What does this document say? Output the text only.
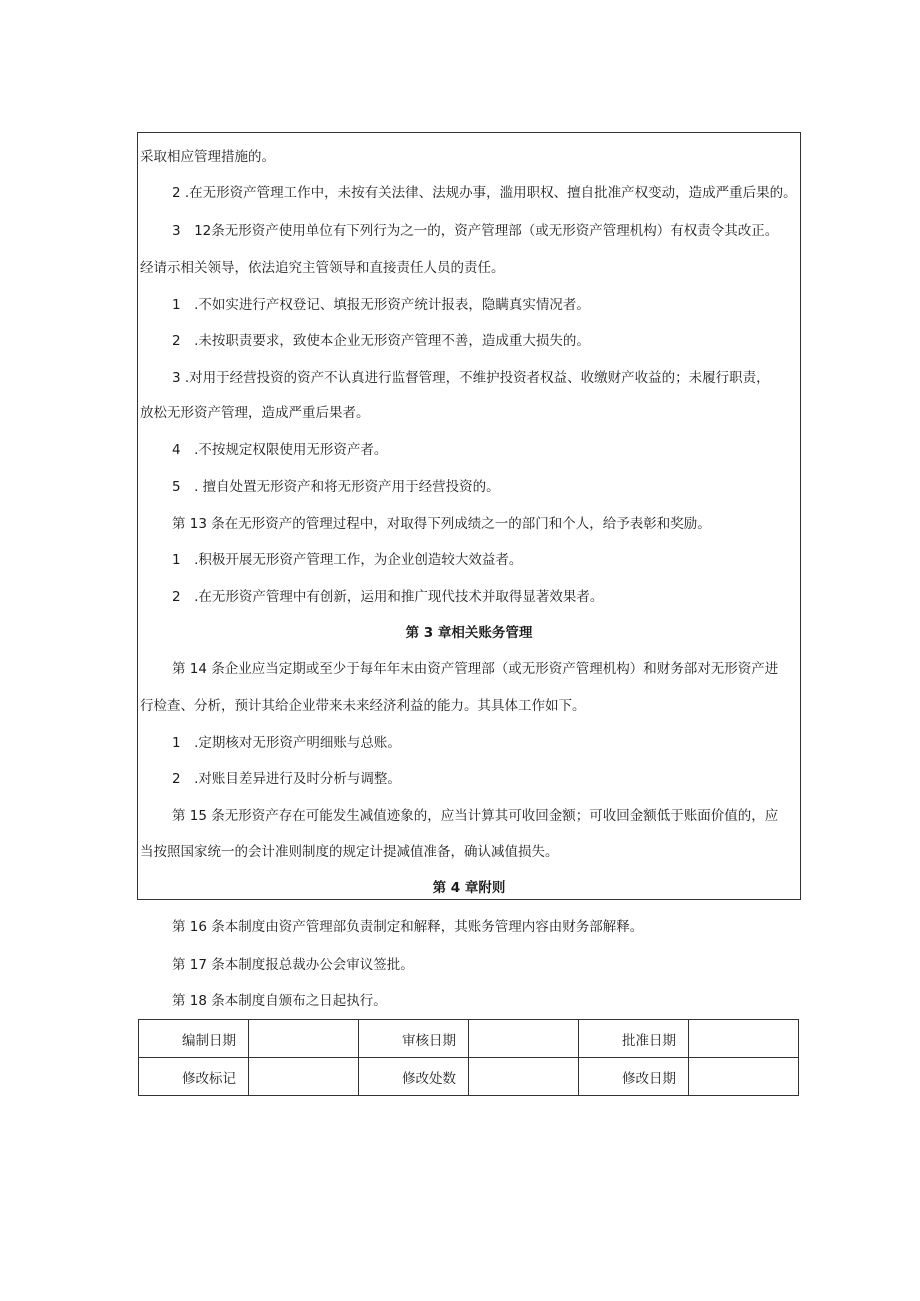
采取相应管理措施的。
2 .在无形资产管理工作中，未按有关法律、法规办事，滥用职权、擅自批准产权变动，造成严重后果的。
3　12条无形资产使用单位有下列行为之一的，资产管理部（或无形资产管理机构）有权责令其改正。
经请示相关领导，依法追究主管领导和直接责任人员的责任。
1　.不如实进行产权登记、填报无形资产统计报表，隐瞒真实情况者。
2　.未按职责要求，致使本企业无形资产管理不善，造成重大损失的。
3 .对用于经营投资的资产不认真进行监督管理，不维护投资者权益、收缴财产收益的；未履行职责，
放松无形资产管理，造成严重后果者。
4　.不按规定权限使用无形资产者。
5　. 擅自处置无形资产和将无形资产用于经营投资的。
第 13 条在无形资产的管理过程中，对取得下列成绩之一的部门和个人，给予表彰和奖励。
1　.积极开展无形资产管理工作，为企业创造较大效益者。
2　.在无形资产管理中有创新，运用和推广现代技术并取得显著效果者。
第 3 章相关账务管理
第 14 条企业应当定期或至少于每年年末由资产管理部（或无形资产管理机构）和财务部对无形资产进
行检查、分析，预计其给企业带来未来经济利益的能力。其具体工作如下。
1　.定期核对无形资产明细账与总账。
2　.对账目差异进行及时分析与调整。
第 15 条无形资产存在可能发生减值迹象的，应当计算其可收回金额；可收回金额低于账面价值的，应
当按照国家统一的会计准则制度的规定计提减值准备，确认减值损失。
第 4 章附则
第 16 条本制度由资产管理部负责制定和解释，其账务管理内容由财务部解释。
第 17 条本制度报总裁办公会审议签批。
第 18 条本制度自颁布之日起执行。
编制日期		审核日期		批准日期	
修改标记		修改处数		修改日期	
